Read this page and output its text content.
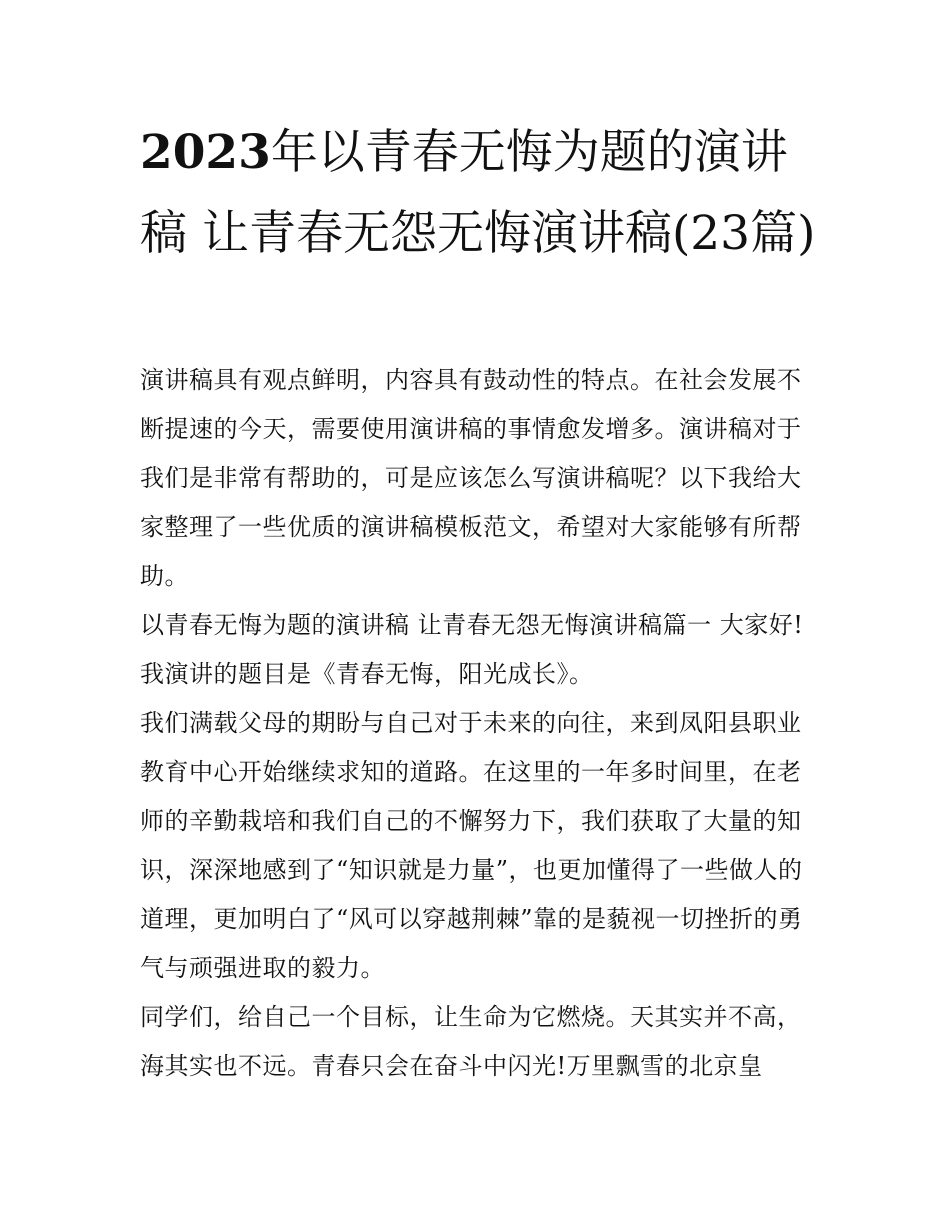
2023年以青春无悔为题的演讲稿 让青春无怨无悔演讲稿(23篇)

演讲稿具有观点鲜明，内容具有鼓动性的特点。在社会发展不断提速的今天，需要使用演讲稿的事情愈发增多。演讲稿对于我们是非常有帮助的，可是应该怎么写演讲稿呢？以下我给大家整理了一些优质的演讲稿模板范文，希望对大家能够有所帮助。

以青春无悔为题的演讲稿 让青春无怨无悔演讲稿篇一 大家好!我演讲的题目是《青春无悔，阳光成长》。

我们满载父母的期盼与自己对于未来的向往，来到凤阳县职业教育中心开始继续求知的道路。在这里的一年多时间里，在老师的辛勤栽培和我们自己的不懈努力下，我们获取了大量的知识，深深地感到了“知识就是力量”，也更加懂得了一些做人的道理，更加明白了“风可以穿越荆棘”靠的是藐视一切挫折的勇气与顽强进取的毅力。

同学们，给自己一个目标，让生命为它燃烧。天其实并不高，海其实也不远。青春只会在奋斗中闪光!万里飘雪的北京皇
